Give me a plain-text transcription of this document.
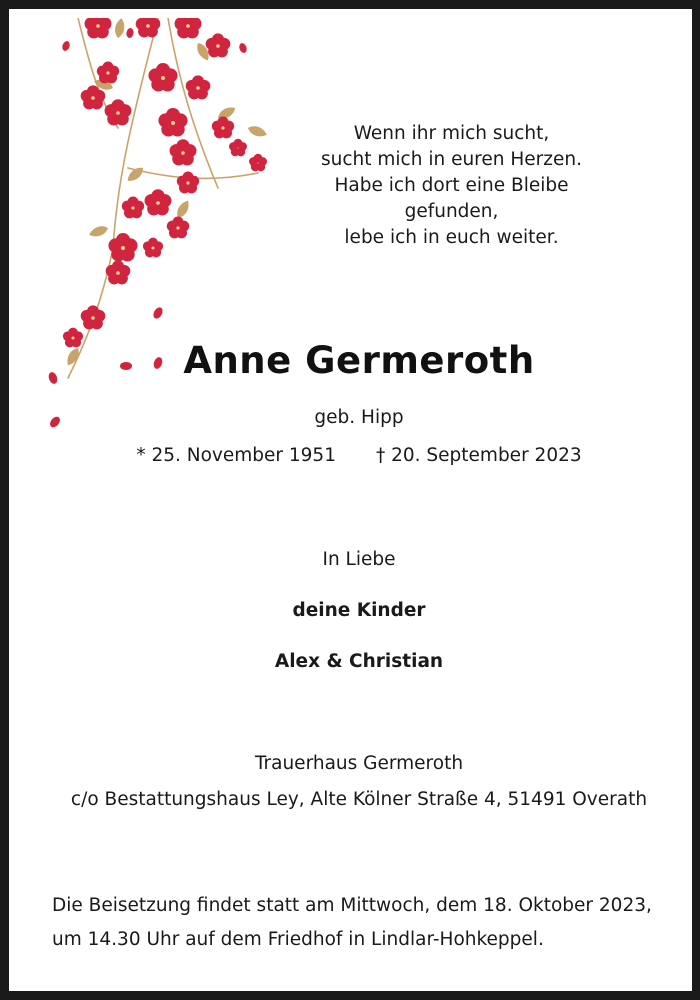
Wenn ihr mich sucht,
sucht mich in euren Herzen.
Habe ich dort eine Bleibe
gefunden,
lebe ich in euch weiter.
Anne Germeroth
geb. Hipp
* 25. November 1951 † 20. September 2023
In Liebe
deine Kinder
Alex & Christian
Trauerhaus Germeroth
c/o Bestattungshaus Ley, Alte Kölner Straße 4, 51491 Overath
Die Beisetzung findet statt am Mittwoch, dem 18. Oktober 2023,
um 14.30 Uhr auf dem Friedhof in Lindlar-Hohkeppel.
